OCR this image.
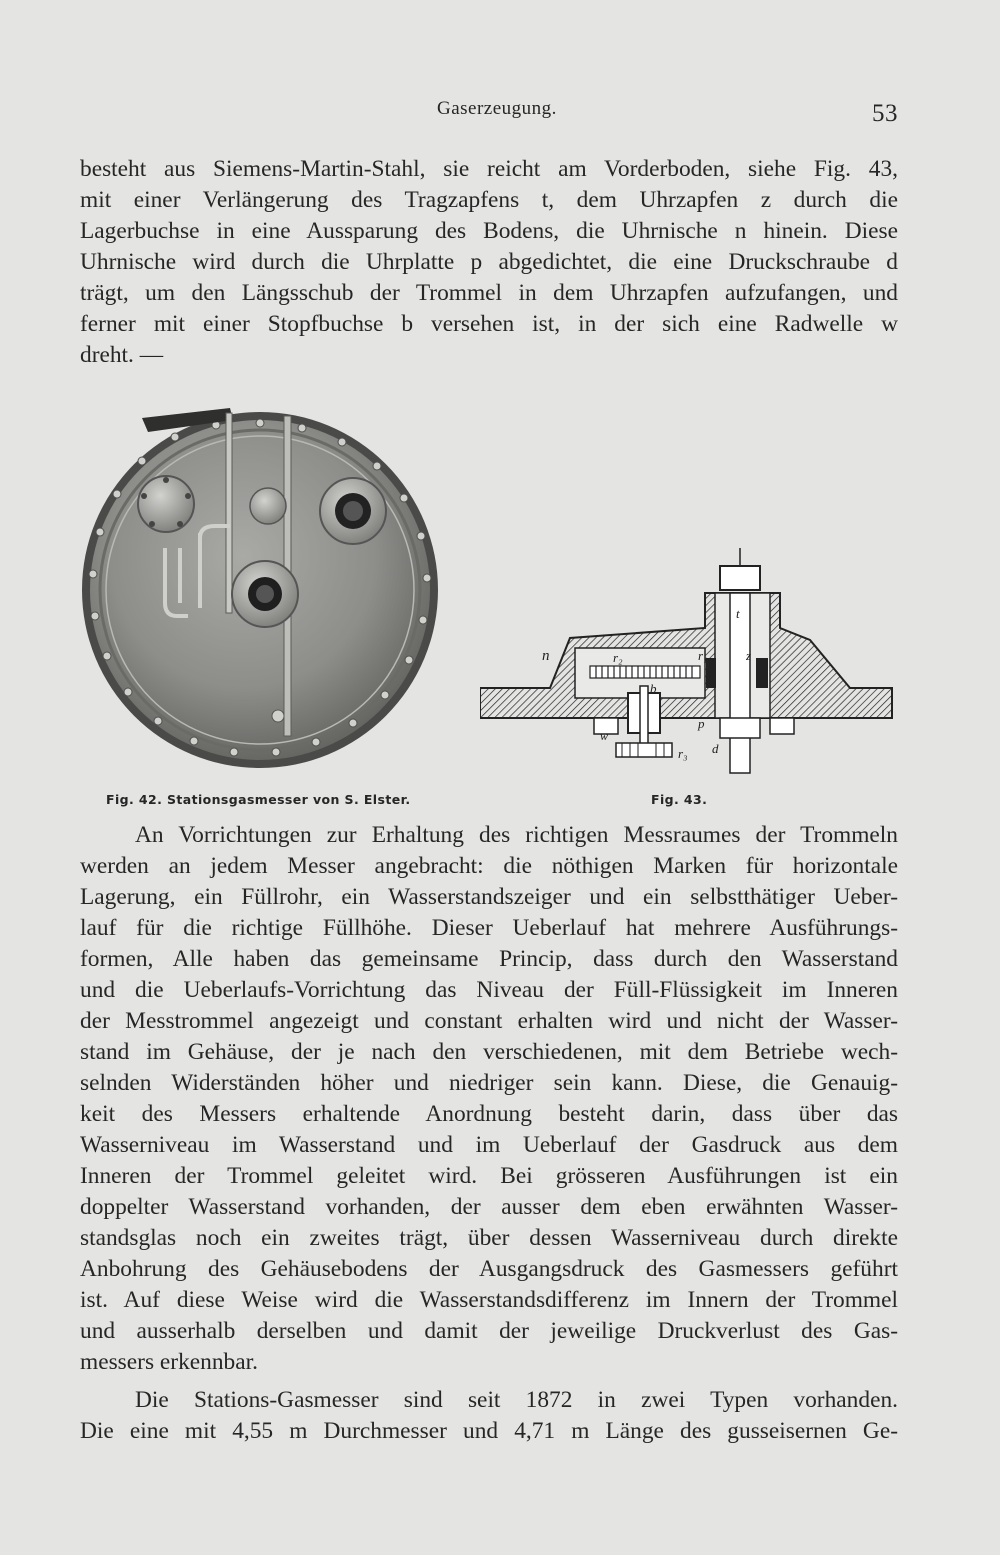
Gaserzeugung.	53
besteht aus Siemens-Martin-Stahl, sie reicht am Vorderboden, siehe Fig. 43,
mit einer Verlängerung des Tragzapfens t, dem Uhrzapfen z durch die
Lagerbuchse in eine Aussparung des Bodens, die Uhrnische n hinein. Diese
Uhrnische wird durch die Uhrplatte p abgedichtet, die eine Druckschraube d
trägt, um den Längsschub der Trommel in dem Uhrzapfen aufzufangen, und
ferner mit einer Stopfbuchse b versehen ist, in der sich eine Radwelle w
dreht. —
n	r₂	r₁	z
t
b
p
w
r₃ d
Fig. 42. Stationsgasmesser von S. Elster.	Fig. 43.
An Vorrichtungen zur Erhaltung des richtigen Messraumes der Trommeln
werden an jedem Messer angebracht: die nöthigen Marken für horizontale
Lagerung, ein Füllrohr, ein Wasserstandszeiger und ein selbstthätiger Ueber-
lauf für die richtige Füllhöhe. Dieser Ueberlauf hat mehrere Ausführungs-
formen, Alle haben das gemeinsame Princip, dass durch den Wasserstand
und die Ueberlaufs-Vorrichtung das Niveau der Füll-Flüssigkeit im Inneren
der Messtrommel angezeigt und constant erhalten wird und nicht der Wasser-
stand im Gehäuse, der je nach den verschiedenen, mit dem Betriebe wech-
selnden Widerständen höher und niedriger sein kann. Diese, die Genauig-
keit des Messers erhaltende Anordnung besteht darin, dass über das
Wasserniveau im Wasserstand und im Ueberlauf der Gasdruck aus dem
Inneren der Trommel geleitet wird. Bei grösseren Ausführungen ist ein
doppelter Wasserstand vorhanden, der ausser dem eben erwähnten Wasser-
standsglas noch ein zweites trägt, über dessen Wasserniveau durch direkte
Anbohrung des Gehäusebodens der Ausgangsdruck des Gasmessers geführt
ist. Auf diese Weise wird die Wasserstandsdifferenz im Innern der Trommel
und ausserhalb derselben und damit der jeweilige Druckverlust des Gas-
messers erkennbar.
Die Stations-Gasmesser sind seit 1872 in zwei Typen vorhanden.
Die eine mit 4,55 m Durchmesser und 4,71 m Länge des gusseisernen Ge-
